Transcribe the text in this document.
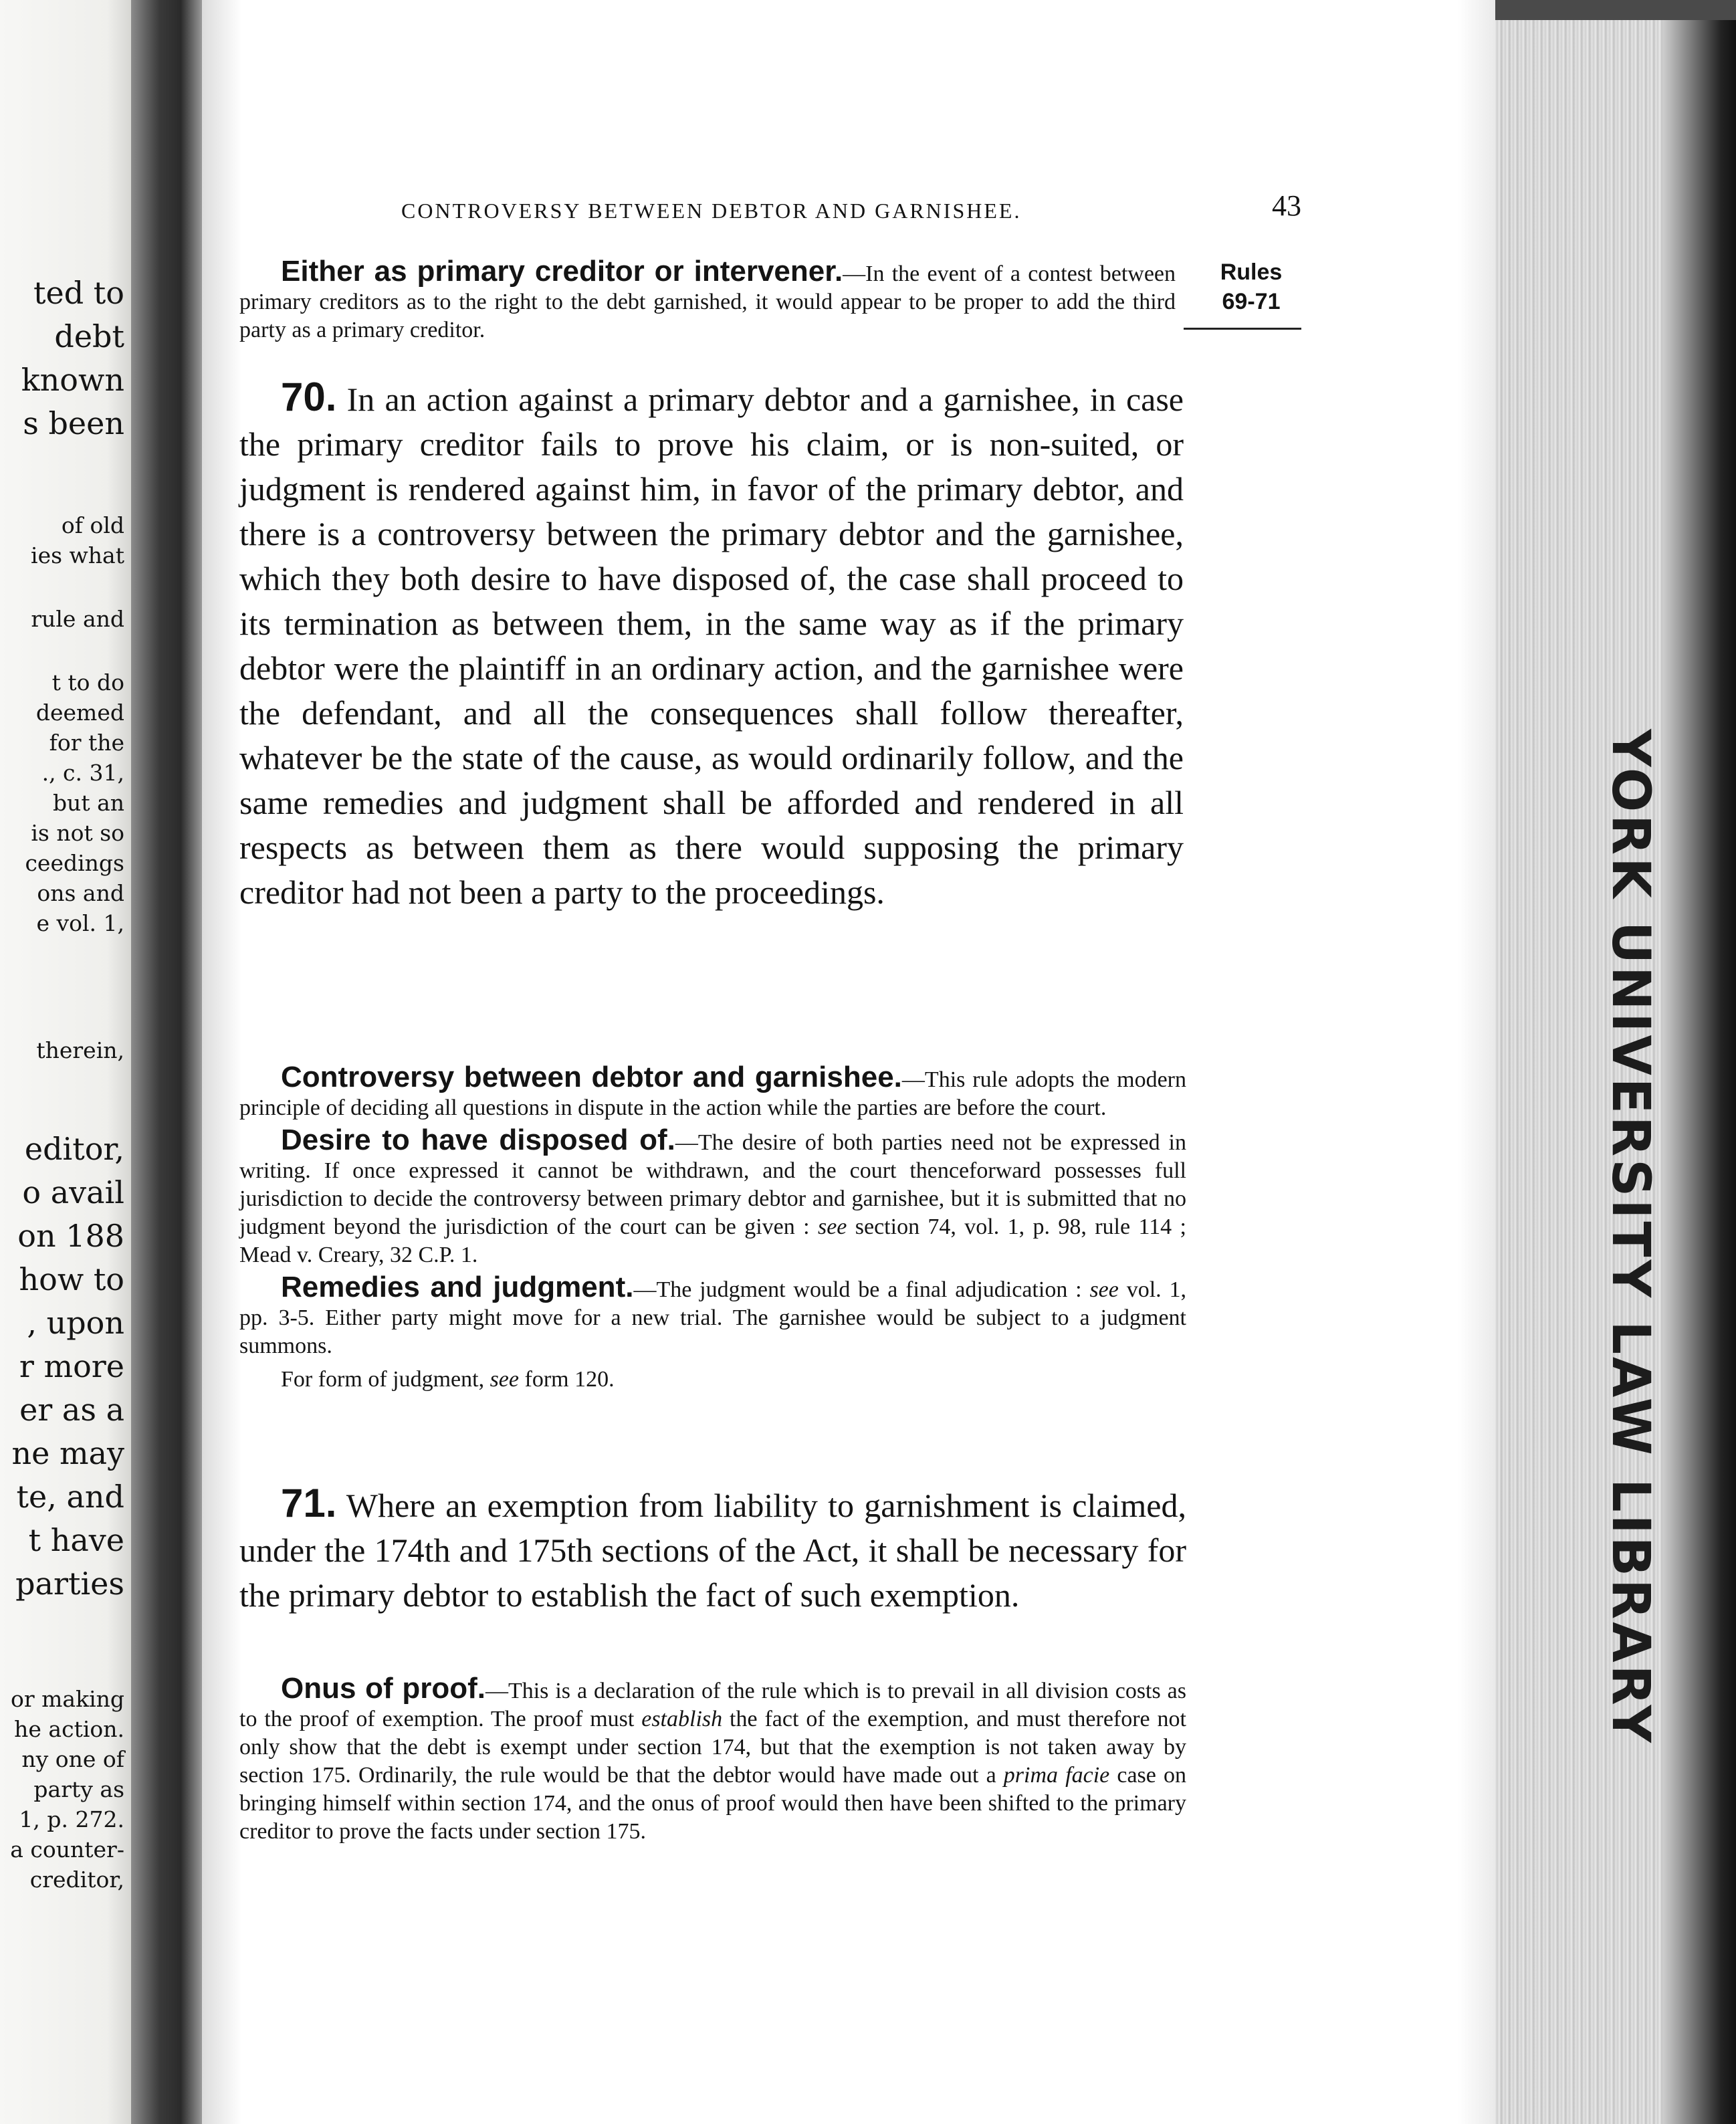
YORK UNIVERSITY LAW LIBRARY
ted to
debt
known
s been
of old
ies what
rule and
t to do
deemed
for the
., c. 31,
but an
is not so
ceedings
ons and
e vol. 1,
therein,
editor,
o avail
on 188
how to
, upon
r more
er as a
ne may
te, and
t have
parties
or making
he action.
ny one of
party as
1, p. 272.
a counter-
creditor,
CONTROVERSY BETWEEN DEBTOR AND GARNISHEE.	43
Rules
69-71

Either as primary creditor or intervener.—In the event of a contest between primary creditors as to the right to the debt garnished, it would appear to be proper to add the third party as a primary creditor.

70. In an action against a primary debtor and a garnishee, in case the primary creditor fails to prove his claim, or is non-suited, or judgment is rendered against him, in favor of the primary debtor, and there is a controversy between the primary debtor and the garnishee, which they both desire to have disposed of, the case shall proceed to its termination as between them, in the same way as if the primary debtor were the plaintiff in an ordinary action, and the garnishee were the defendant, and all the consequences shall follow thereafter, whatever be the state of the cause, as would ordinarily follow, and the same remedies and judgment shall be afforded and rendered in all respects as between them as there would supposing the primary creditor had not been a party to the proceedings.

Controversy between debtor and garnishee.—This rule adopts the modern principle of deciding all questions in dispute in the action while the parties are before the court.

Desire to have disposed of.—The desire of both parties need not be expressed in writing. If once expressed it cannot be withdrawn, and the court thenceforward possesses full jurisdiction to decide the controversy between primary debtor and garnishee, but it is submitted that no judgment beyond the jurisdiction of the court can be given : see section 74, vol. 1, p. 98, rule 114 ; Mead v. Creary, 32 C.P. 1.

Remedies and judgment.—The judgment would be a final adjudication : see vol. 1, pp. 3-5. Either party might move for a new trial. The garnishee would be subject to a judgment summons.

For form of judgment, see form 120.

71. Where an exemption from liability to garnishment is claimed, under the 174th and 175th sections of the Act, it shall be necessary for the primary debtor to establish the fact of such exemption.

Onus of proof.—This is a declaration of the rule which is to prevail in all division costs as to the proof of exemption. The proof must establish the fact of the exemption, and must therefore not only show that the debt is exempt under section 174, but that the exemption is not taken away by section 175. Ordinarily, the rule would be that the debtor would have made out a prima facie case on bringing himself within section 174, and the onus of proof would then have been shifted to the primary creditor to prove the facts under section 175.
